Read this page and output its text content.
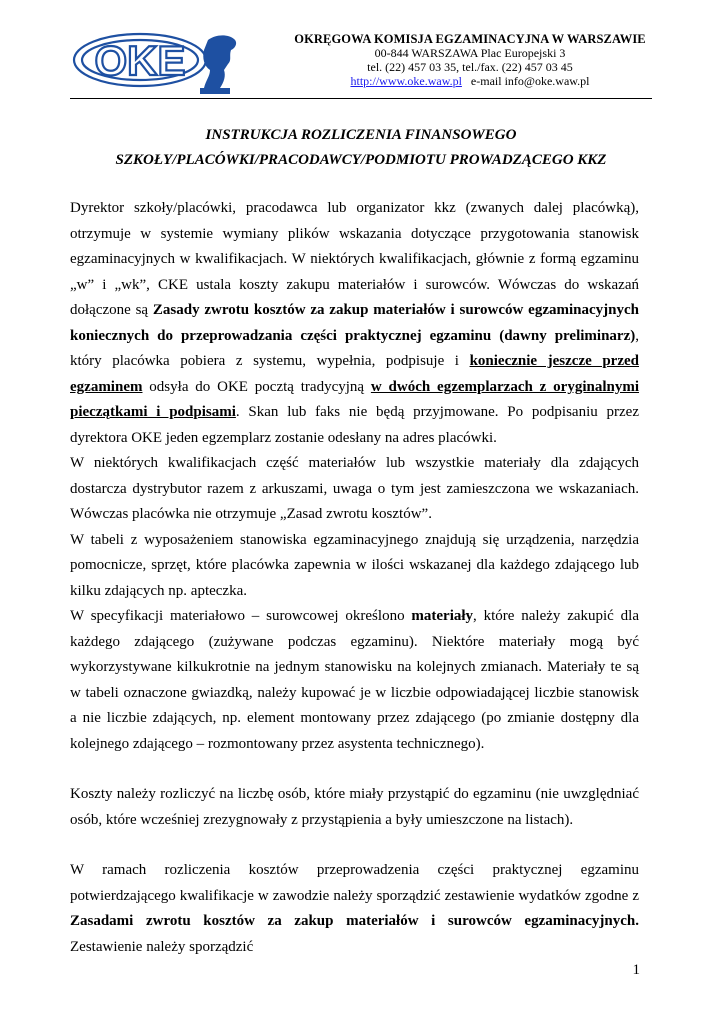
OKE	OKRĘGOWA KOMISJA EGZAMINACYJNA W WARSZAWIE
00-844 WARSZAWA Plac Europejski 3
tel. (22) 457 03 35, tel./fax. (22) 457 03 45
http://www.oke.waw.pl e-mail info@oke.waw.pl
INSTRUKCJA ROZLICZENIA FINANSOWEGO
SZKOŁY/PLACÓWKI/PRACODAWCY/PODMIOTU PROWADZĄCEGO KKZ

Dyrektor szkoły/placówki, pracodawca lub organizator kkz (zwanych dalej placówką), otrzymuje w systemie wymiany plików wskazania dotyczące przygotowania stanowisk egzaminacyjnych w kwalifikacjach. W niektórych kwalifikacjach, głównie z formą egzaminu „w” i „wk”, CKE ustala koszty zakupu materiałów i surowców. Wówczas do wskazań dołączone są Zasady zwrotu kosztów za zakup materiałów i surowców egzaminacyjnych koniecznych do przeprowadzania części praktycznej egzaminu (dawny preliminarz), który placówka pobiera z systemu, wypełnia, podpisuje i koniecznie jeszcze przed egzaminem odsyła do OKE pocztą tradycyjną w dwóch egzemplarzach z oryginalnymi pieczątkami i podpisami. Skan lub faks nie będą przyjmowane. Po podpisaniu przez dyrektora OKE jeden egzemplarz zostanie odesłany na adres placówki.

W niektórych kwalifikacjach część materiałów lub wszystkie materiały dla zdających dostarcza dystrybutor razem z arkuszami, uwaga o tym jest zamieszczona we wskazaniach. Wówczas placówka nie otrzymuje „Zasad zwrotu kosztów”.

W tabeli z wyposażeniem stanowiska egzaminacyjnego znajdują się urządzenia, narzędzia pomocnicze, sprzęt, które placówka zapewnia w ilości wskazanej dla każdego zdającego lub kilku zdających np. apteczka.

W specyfikacji materiałowo – surowcowej określono materiały, które należy zakupić dla każdego zdającego (zużywane podczas egzaminu). Niektóre materiały mogą być wykorzystywane kilkukrotnie na jednym stanowisku na kolejnych zmianach. Materiały te są w tabeli oznaczone gwiazdką, należy kupować je w liczbie odpowiadającej liczbie stanowisk a nie liczbie zdających, np. element montowany przez zdającego (po zmianie dostępny dla kolejnego zdającego – rozmontowany przez asystenta technicznego).

Koszty należy rozliczyć na liczbę osób, które miały przystąpić do egzaminu (nie uwzględniać osób, które wcześniej zrezygnowały z przystąpienia a były umieszczone na listach).

W ramach rozliczenia kosztów przeprowadzenia części praktycznej egzaminu potwierdzającego kwalifikacje w zawodzie należy sporządzić zestawienie wydatków zgodne z Zasadami zwrotu kosztów za zakup materiałów i surowców egzaminacyjnych. Zestawienie należy sporządzić

1
